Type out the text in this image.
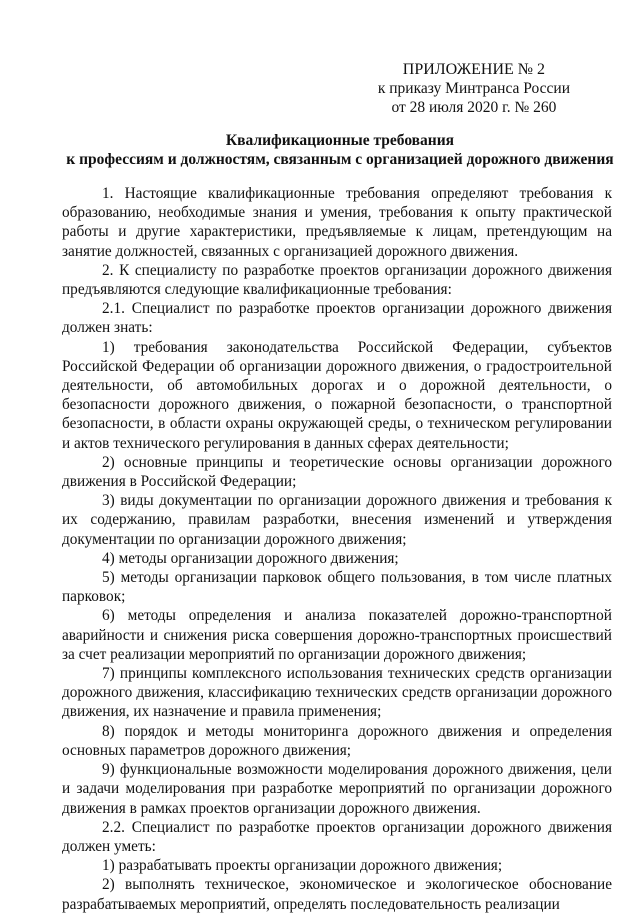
ПРИЛОЖЕНИЕ № 2
к приказу Минтранса России
от 28 июля 2020 г. № 260
Квалификационные требования
к профессиям и должностям, связанным с организацией дорожного движения

1. Настоящие квалификационные требования определяют требования к образованию, необходимые знания и умения, требования к опыту практической работы и другие характеристики, предъявляемые к лицам, претендующим на занятие должностей, связанных с организацией дорожного движения.

2. К специалисту по разработке проектов организации дорожного движения предъявляются следующие квалификационные требования:

2.1. Специалист по разработке проектов организации дорожного движения должен знать:

1) требования законодательства Российской Федерации, субъектов Российской Федерации об организации дорожного движения, о градостроительной деятельности, об автомобильных дорогах и о дорожной деятельности, о безопасности дорожного движения, о пожарной безопасности, о транспортной безопасности, в области охраны окружающей среды, о техническом регулировании и актов технического регулирования в данных сферах деятельности;

2) основные принципы и теоретические основы организации дорожного движения в Российской Федерации;

3) виды документации по организации дорожного движения и требования к их содержанию, правилам разработки, внесения изменений и утверждения документации по организации дорожного движения;

4) методы организации дорожного движения;

5) методы организации парковок общего пользования, в том числе платных парковок;

6) методы определения и анализа показателей дорожно-транспортной аварийности и снижения риска совершения дорожно-транспортных происшествий за счет реализации мероприятий по организации дорожного движения;

7) принципы комплексного использования технических средств организации дорожного движения, классификацию технических средств организации дорожного движения, их назначение и правила применения;

8) порядок и методы мониторинга дорожного движения и определения основных параметров дорожного движения;

9) функциональные возможности моделирования дорожного движения, цели и задачи моделирования при разработке мероприятий по организации дорожного движения в рамках проектов организации дорожного движения.

2.2. Специалист по разработке проектов организации дорожного движения должен уметь:

1) разрабатывать проекты организации дорожного движения;

2) выполнять техническое, экономическое и экологическое обоснование разрабатываемых мероприятий, определять последовательность реализации
